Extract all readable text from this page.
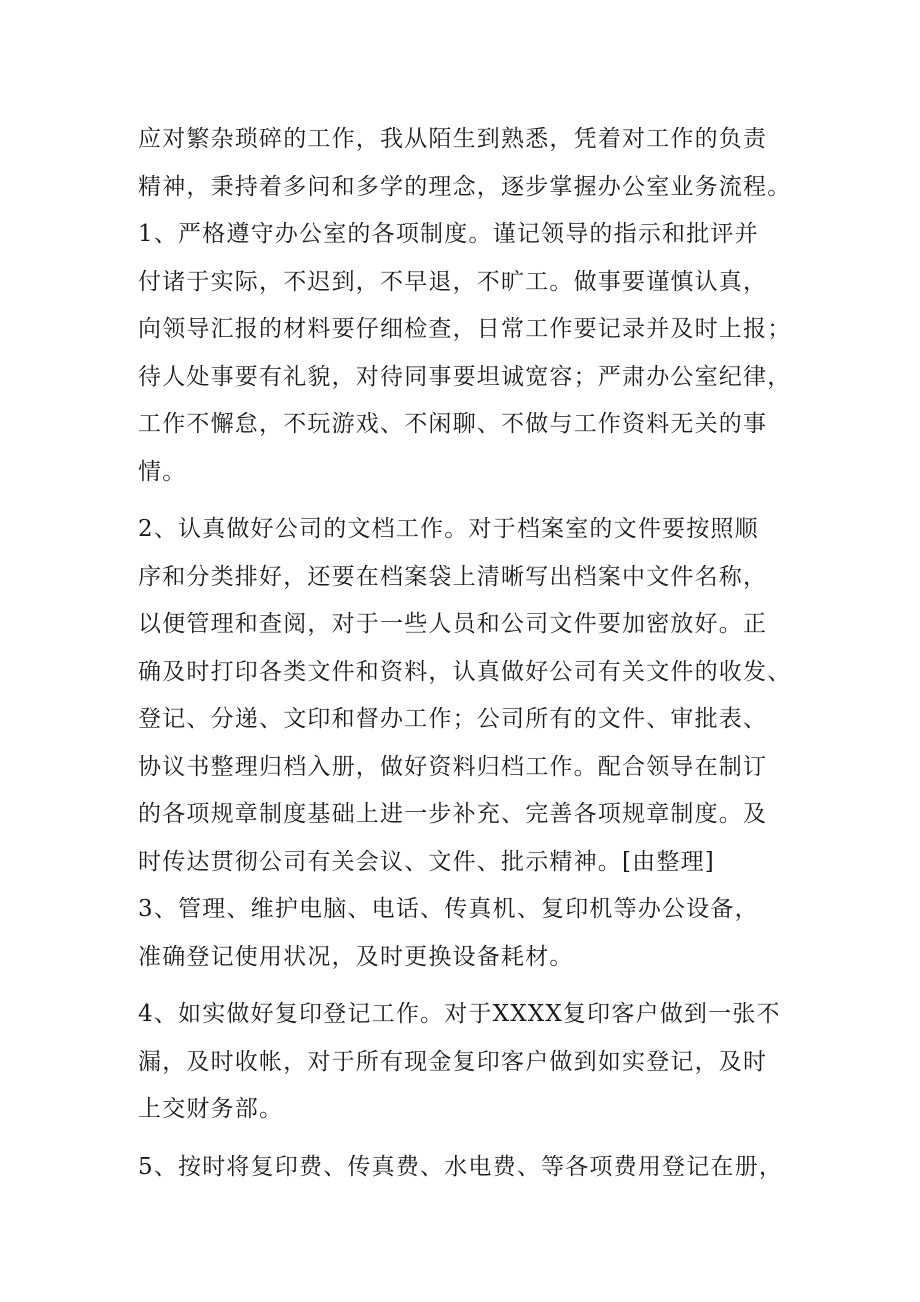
应对繁杂琐碎的工作，我从陌生到熟悉，凭着对工作的负责
精神，秉持着多问和多学的理念，逐步掌握办公室业务流程。
1、严格遵守办公室的各项制度。谨记领导的指示和批评并
付诸于实际，不迟到，不早退，不旷工。做事要谨慎认真，
向领导汇报的材料要仔细检查，日常工作要记录并及时上报；
待人处事要有礼貌，对待同事要坦诚宽容；严肃办公室纪律，
工作不懈怠，不玩游戏、不闲聊、不做与工作资料无关的事
情。
2、认真做好公司的文档工作。对于档案室的文件要按照顺
序和分类排好，还要在档案袋上清晰写出档案中文件名称，
以便管理和查阅，对于一些人员和公司文件要加密放好。正
确及时打印各类文件和资料，认真做好公司有关文件的收发、
登记、分递、文印和督办工作；公司所有的文件、审批表、
协议书整理归档入册，做好资料归档工作。配合领导在制订
的各项规章制度基础上进一步补充、完善各项规章制度。及
时传达贯彻公司有关会议、文件、批示精神。[由整理]
3、管理、维护电脑、电话、传真机、复印机等办公设备，
准确登记使用状况，及时更换设备耗材。
4、如实做好复印登记工作。对于XXXX复印客户做到一张不
漏，及时收帐，对于所有现金复印客户做到如实登记，及时
上交财务部。
5、按时将复印费、传真费、水电费、等各项费用登记在册，
